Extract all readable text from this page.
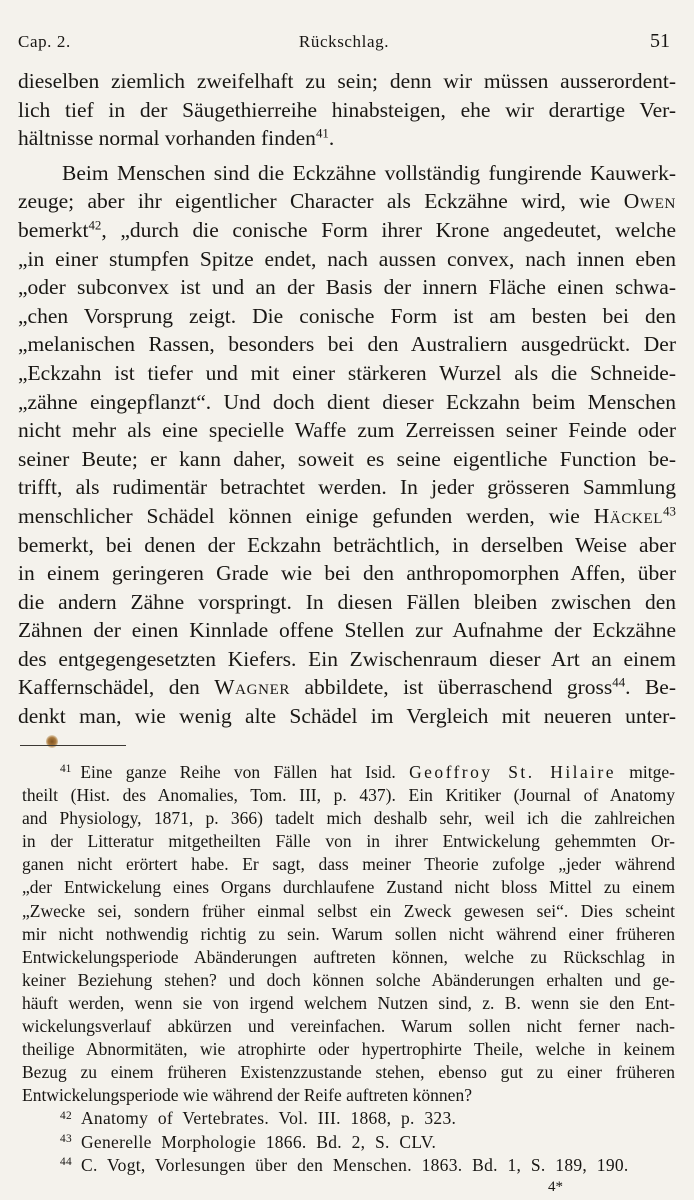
Cap. 2.	Rückschlag.	51
dieselben ziemlich zweifelhaft zu sein; denn wir müssen ausserordent-
lich tief in der Säugethierreihe hinabsteigen, ehe wir derartige Ver-
hältnisse normal vorhanden finden$^{41}$.
Beim Menschen sind die Eckzähne vollständig fungirende Kauwerk-
zeuge; aber ihr eigentlicher Character als Eckzähne wird, wie Owen
bemerkt$^{42}$, „durch die conische Form ihrer Krone angedeutet, welche
„in einer stumpfen Spitze endet, nach aussen convex, nach innen eben
„oder subconvex ist und an der Basis der innern Fläche einen schwa-
„chen Vorsprung zeigt. Die conische Form ist am besten bei den
„melanischen Rassen, besonders bei den Australiern ausgedrückt. Der
„Eckzahn ist tiefer und mit einer stärkeren Wurzel als die Schneide-
„zähne eingepflanzt“. Und doch dient dieser Eckzahn beim Menschen
nicht mehr als eine specielle Waffe zum Zerreissen seiner Feinde oder
seiner Beute; er kann daher, soweit es seine eigentliche Function be-
trifft, als rudimentär betrachtet werden. In jeder grösseren Sammlung
menschlicher Schädel können einige gefunden werden, wie Häckel$^{43}$
bemerkt, bei denen der Eckzahn beträchtlich, in derselben Weise aber
in einem geringeren Grade wie bei den anthropomorphen Affen, über
die andern Zähne vorspringt. In diesen Fällen bleiben zwischen den
Zähnen der einen Kinnlade offene Stellen zur Aufnahme der Eckzähne
des entgegengesetzten Kiefers. Ein Zwischenraum dieser Art an einem
Kaffernschädel, den Wagner abbildete, ist überraschend gross$^{44}$. Be-
denkt man, wie wenig alte Schädel im Vergleich mit neueren unter-
$^{41}$ Eine ganze Reihe von Fällen hat Isid. Geoffroy St. Hilaire mitge-
theilt (Hist. des Anomalies, Tom. III, p. 437). Ein Kritiker (Journal of Anatomy
and Physiology, 1871, p. 366) tadelt mich deshalb sehr, weil ich die zahlreichen
in der Litteratur mitgetheilten Fälle von in ihrer Entwickelung gehemmten Or-
ganen nicht erörtert habe. Er sagt, dass meiner Theorie zufolge „jeder während
„der Entwickelung eines Organs durchlaufene Zustand nicht bloss Mittel zu einem
„Zwecke sei, sondern früher einmal selbst ein Zweck gewesen sei“. Dies scheint
mir nicht nothwendig richtig zu sein. Warum sollen nicht während einer früheren
Entwickelungsperiode Abänderungen auftreten können, welche zu Rückschlag in
keiner Beziehung stehen? und doch können solche Abänderungen erhalten und ge-
häuft werden, wenn sie von irgend welchem Nutzen sind, z. B. wenn sie den Ent-
wickelungsverlauf abkürzen und vereinfachen. Warum sollen nicht ferner nach-
theilige Abnormitäten, wie atrophirte oder hypertrophirte Theile, welche in keinem
Bezug zu einem früheren Existenzzustande stehen, ebenso gut zu einer früheren
Entwickelungsperiode wie während der Reife auftreten können?
$^{42}$ Anatomy of Vertebrates. Vol. III. 1868, p. 323.
$^{43}$ Generelle Morphologie 1866. Bd. 2, S. CLV.
$^{44}$ C. Vogt, Vorlesungen über den Menschen. 1863. Bd. 1, S. 189, 190.
4*
